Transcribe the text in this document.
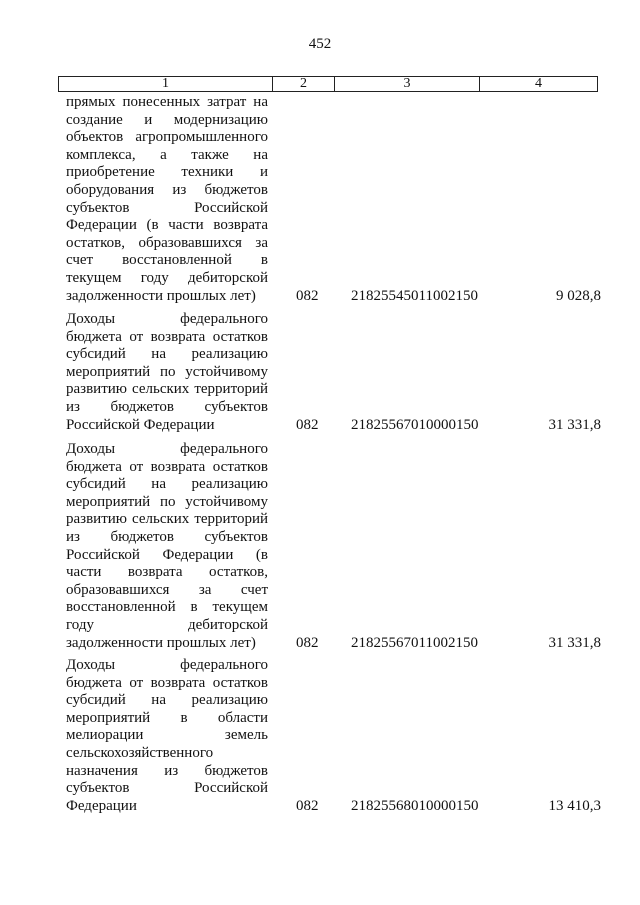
452
1	2	3	4
прямых понесенных затрат на
создание и модернизацию
объектов агропромышленного
комплекса, а также на
приобретение техники и
оборудования из бюджетов
субъектов Российской
Федерации (в части возврата
остатков, образовавшихся за
счет восстановленной в
текущем году дебиторской
задолженности прошлых лет)	082 21825545011002150	9 028,8
Доходы федерального
бюджета от возврата остатков
субсидий на реализацию
мероприятий по устойчивому
развитию сельских территорий
из бюджетов субъектов
Российской Федерации	082 21825567010000150	31 331,8
Доходы федерального
бюджета от возврата остатков
субсидий на реализацию
мероприятий по устойчивому
развитию сельских территорий
из бюджетов субъектов
Российской Федерации (в
части возврата остатков,
образовавшихся за счет
восстановленной в текущем
году дебиторской
задолженности прошлых лет)	082 21825567011002150	31 331,8
Доходы федерального
бюджета от возврата остатков
субсидий на реализацию
мероприятий в области
мелиорации земель
сельскохозяйственного
назначения из бюджетов
субъектов Российской
Федерации	082 21825568010000150	13 410,3
